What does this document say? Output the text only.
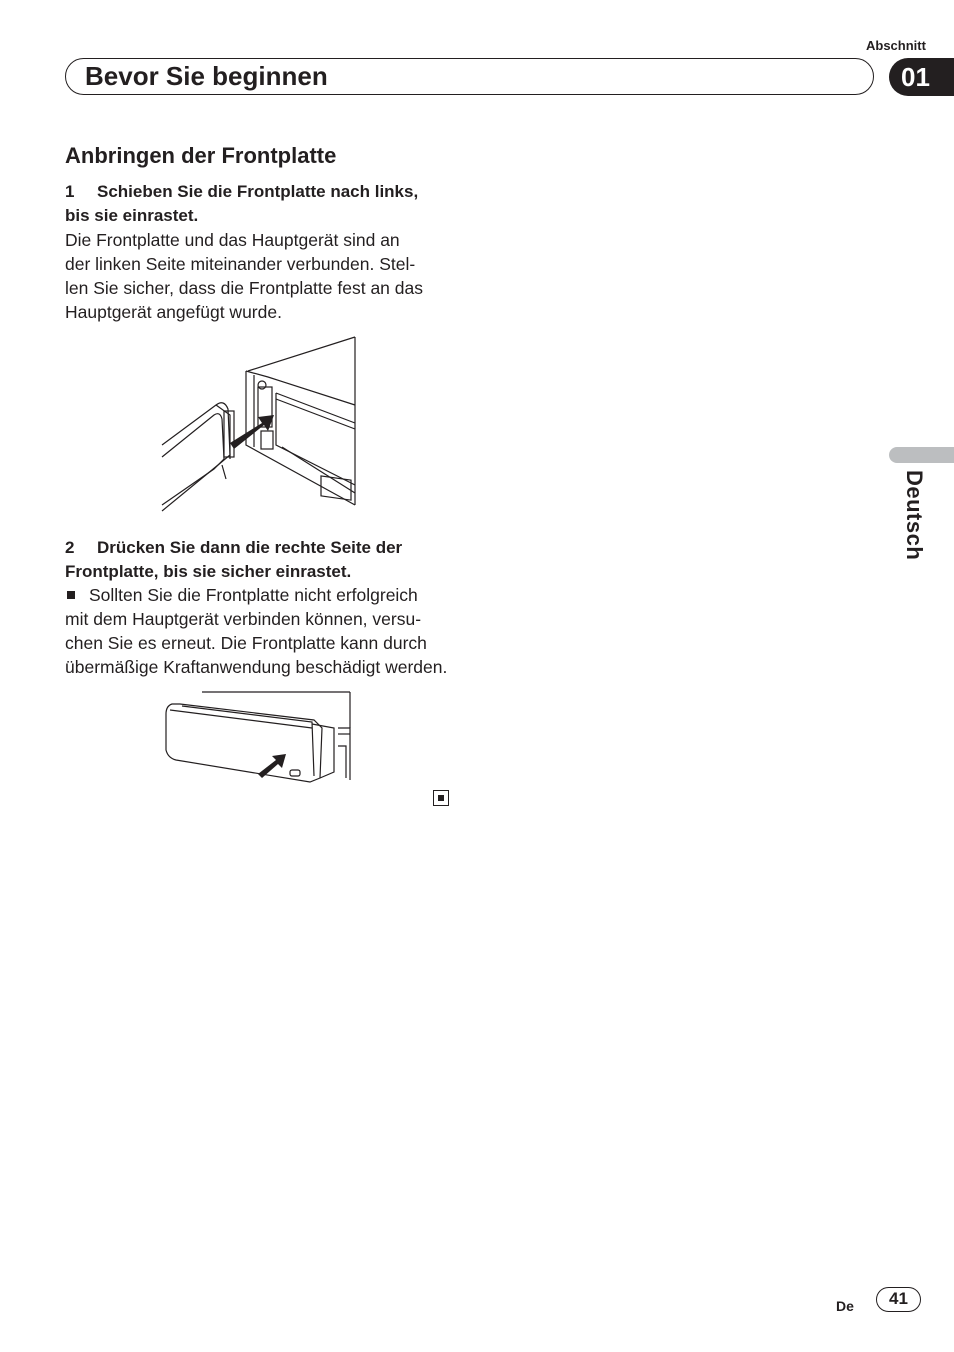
Abschnitt
Bevor Sie beginnen	01
Deutsch
Anbringen der Frontplatte
1 Schieben Sie die Frontplatte nach links,
bis sie einrastet.
Die Frontplatte und das Hauptgerät sind an
der linken Seite miteinander verbunden. Stel-
len Sie sicher, dass die Frontplatte fest an das
Hauptgerät angefügt wurde.
2 Drücken Sie dann die rechte Seite der
Frontplatte, bis sie sicher einrastet.
Sollten Sie die Frontplatte nicht erfolgreich
mit dem Hauptgerät verbinden können, versu-
chen Sie es erneut. Die Frontplatte kann durch
übermäßige Kraftanwendung beschädigt werden.
De	41
